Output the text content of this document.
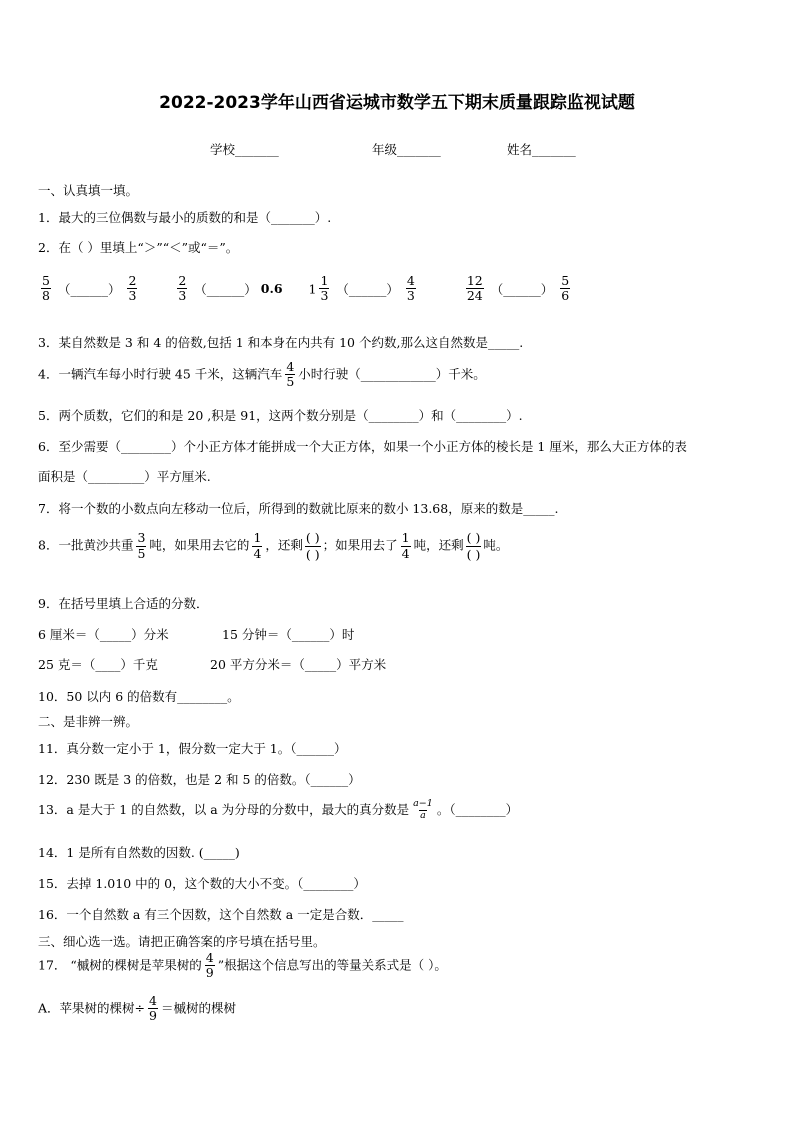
2022-2023学年山西省运城市数学五下期末质量跟踪监视试题
学校_______	年级_______	姓名_______
一、认真填一填。
1．最大的三位偶数与最小的质数的和是（_______）.
2．在（ ）里填上“＞”“＜”或“＝”。
$\frac{5}{8}$ （______） $\frac{2}{3}$
	$\frac{2}{3}$ （______） 0.6 $1 \frac{1}{3}$ （______） $\frac{4}{3}$
	$\frac{12}{24}$ （______） $\frac{5}{6}$
3．某自然数是 3 和 4 的倍数,包括 1 和本身在内共有 10 个约数,那么这自然数是_____.
4．一辆汽车每小时行驶 45 千米，这辆汽车 $\frac{4}{5}$ 小时行驶（____________）千米。
5．两个质数，它们的和是 20 ,积是 91，这两个数分别是（________）和（________）.
6．至少需要（________）个小正方体才能拼成一个大正方体，如果一个小正方体的棱长是 1 厘米，那么大正方体的表
面积是（_________）平方厘米.
7．将一个数的小数点向左移动一位后，所得到的数就比原来的数小 13.68，原来的数是_____.
8．一批黄沙共重 $\frac{3}{5}$ 吨，如果用去它的 $\frac{1}{4}$ ，还剩 $\frac{( )}{( )}$ ；如果用去了 $\frac{1}{4}$ 吨，还剩 $\frac{( )}{( )}$ 吨。
9．在括号里填上合适的分数．
6 厘米＝（_____）分米	15 分钟＝（______）时
25 克＝（____）千克	20 平方分米＝（_____）平方米
10．50 以内 6 的倍数有________。
二、是非辨一辨。
11．真分数一定小于 1，假分数一定大于 1。（______）
12．230 既是 3 的倍数，也是 2 和 5 的倍数。（______）
13．a 是大于 1 的自然数，以 a 为分母的分数中，最大的真分数是 $\frac{a-1}{a}$ 。（________）
14．1 是所有自然数的因数. (_____)
15．去掉 1.010 中的 0，这个数的大小不变。（________）
16．一个自然数 a 有三个因数，这个自然数 a 一定是合数．_____
三、细心选一选。请把正确答案的序号填在括号里。
17． “槭树的棵树是苹果树的 $\frac{4}{9}$ ”根据这个信息写出的等量关系式是（ ）。
A．苹果树的棵树÷ $\frac{4}{9}$ ＝槭树的棵树
